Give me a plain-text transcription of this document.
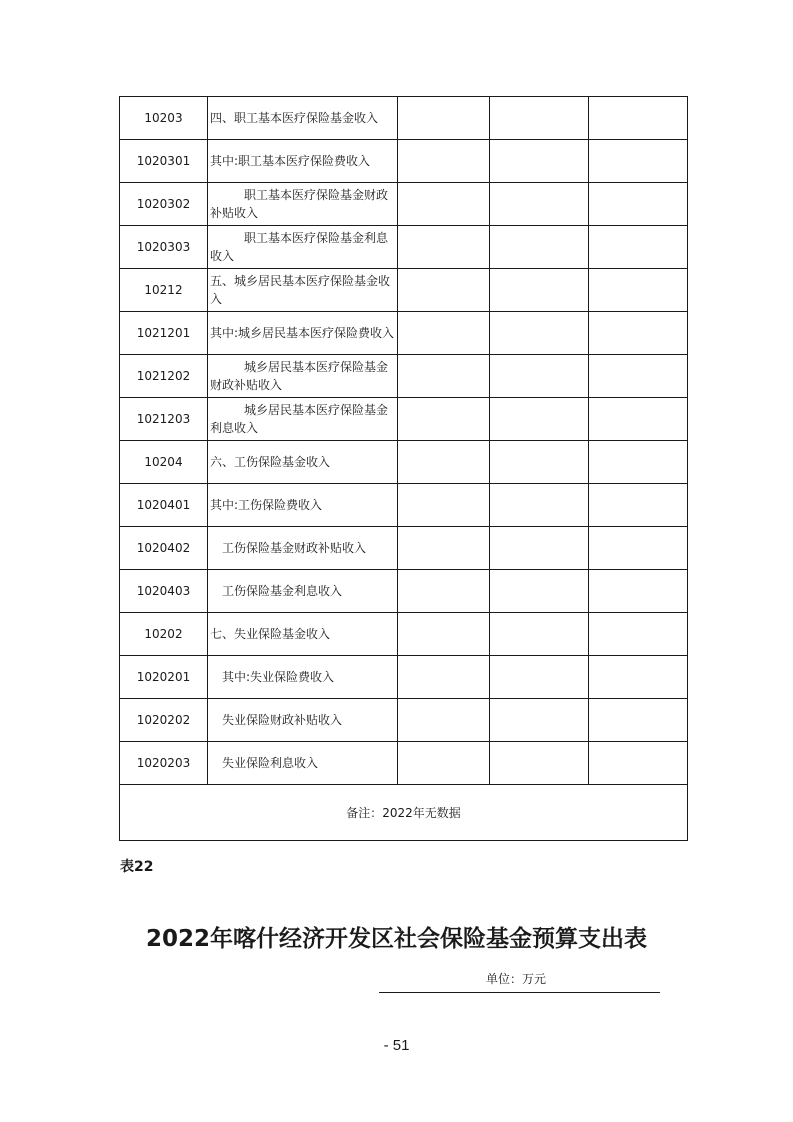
10203	四、职工基本医疗保险基金收入			
1020301	其中:职工基本医疗保险费收入			
1020302	职工基本医疗保险基金财政补贴收入			
1020303	职工基本医疗保险基金利息收入			
10212	五、城乡居民基本医疗保险基金收入			
1021201	其中:城乡居民基本医疗保险费收入			
1021202	城乡居民基本医疗保险基金财政补贴收入			
1021203	城乡居民基本医疗保险基金利息收入			
10204	六、工伤保险基金收入			
1020401	其中:工伤保险费收入			
1020402	工伤保险基金财政补贴收入			
1020403	工伤保险基金利息收入			
10202	七、失业保险基金收入			
1020201	其中:失业保险费收入			
1020202	失业保险财政补贴收入			
1020203	失业保险利息收入			
备注：2022年无数据				
表22
2022年喀什经济开发区社会保险基金预算支出表
单位：万元
- 51
